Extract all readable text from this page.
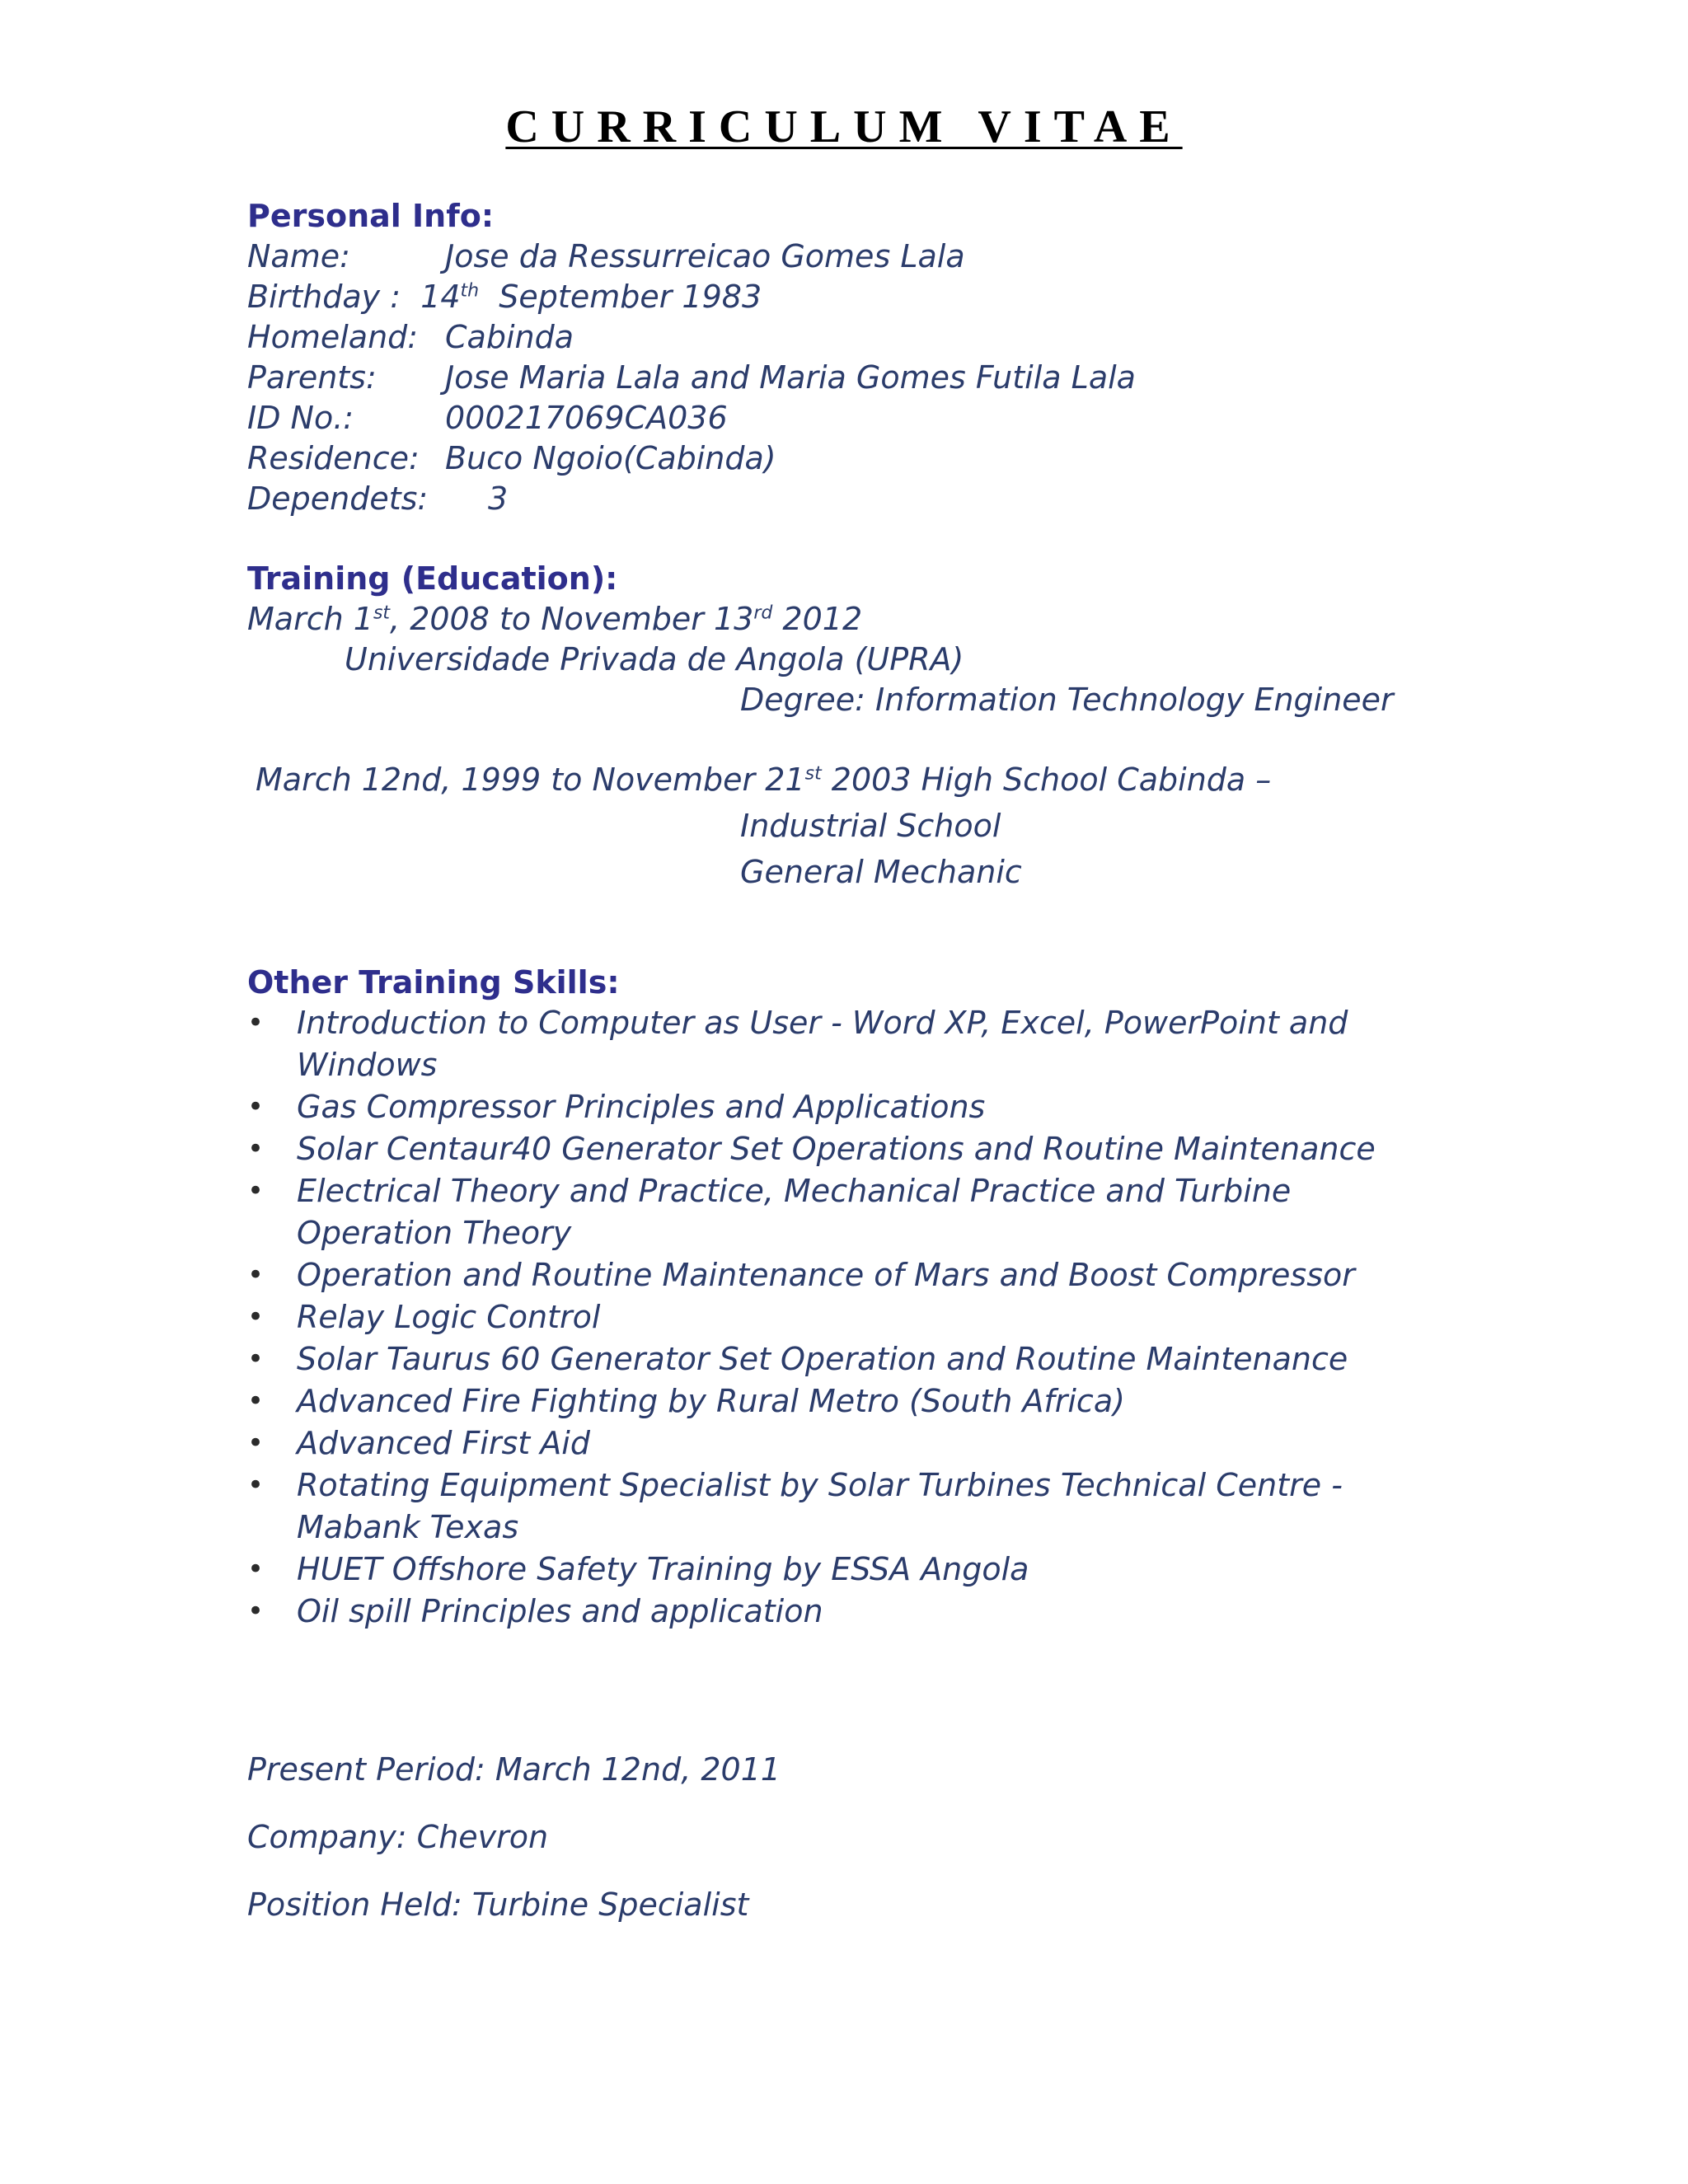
CURRICULUM VITAE
Personal Info:
Name:	Jose da Ressurreicao Gomes Lala
Birthday : 14th September 1983
Homeland: Cabinda
Parents: Jose Maria Lala and Maria Gomes Futila Lala
ID No.:	000217069CA036
Residence: Buco Ngoio(Cabinda)
Dependets: 3
Training (Education):
March 1st, 2008 to November 13rd 2012
Universidade Privada de Angola (UPRA)
Degree: Information Technology Engineer
March 12nd, 1999 to November 21st 2003 High School Cabinda –
Industrial School
General Mechanic
Other Training Skills:
• Introduction to Computer as User - Word XP, Excel, PowerPoint and Windows
• Gas Compressor Principles and Applications
• Solar Centaur40 Generator Set Operations and Routine Maintenance
• Electrical Theory and Practice, Mechanical Practice and Turbine Operation Theory
• Operation and Routine Maintenance of Mars and Boost Compressor
• Relay Logic Control
• Solar Taurus 60 Generator Set Operation and Routine Maintenance
• Advanced Fire Fighting by Rural Metro (South Africa)
• Advanced First Aid
• Rotating Equipment Specialist by Solar Turbines Technical Centre - Mabank Texas
• HUET Offshore Safety Training by ESSA Angola
• Oil spill Principles and application
Present Period: March 12nd, 2011
Company: Chevron
Position Held: Turbine Specialist
